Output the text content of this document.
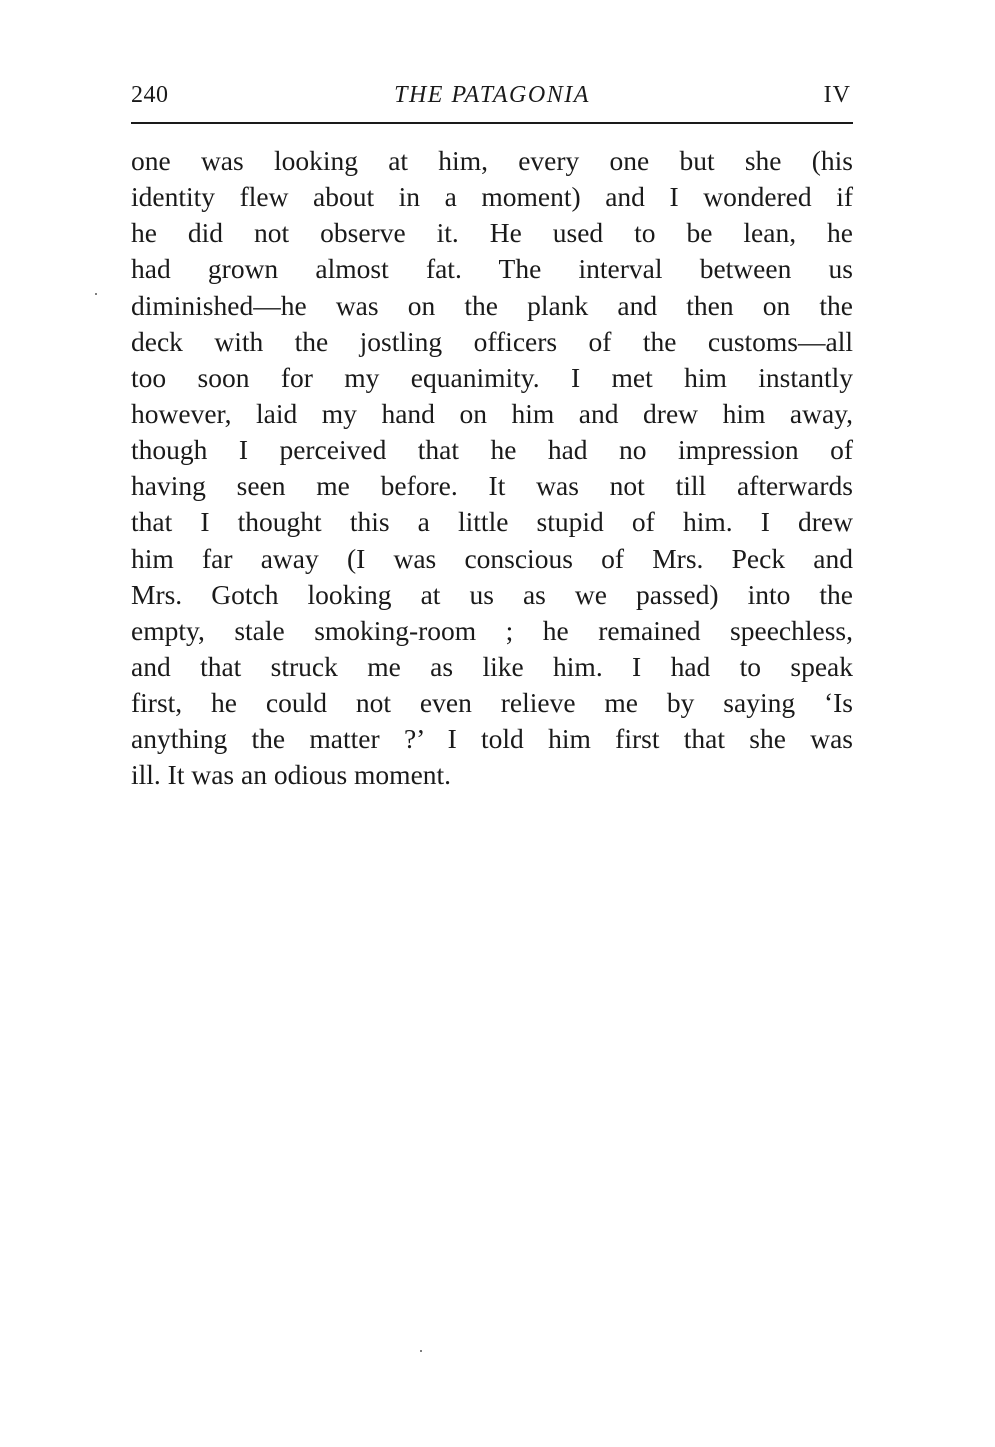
240	THE PATAGONIA	IV
one was looking at him, every one but she (his
identity flew about in a moment) and I wondered if
he did not observe it. He used to be lean, he
had grown almost fat. The interval between us
diminished—he was on the plank and then on the
deck with the jostling officers of the customs—all
too soon for my equanimity. I met him instantly
however, laid my hand on him and drew him away,
though I perceived that he had no impression of
having seen me before. It was not till afterwards
that I thought this a little stupid of him. I drew
him far away (I was conscious of Mrs. Peck and
Mrs. Gotch looking at us as we passed) into the
empty, stale smoking-room ; he remained speechless,
and that struck me as like him. I had to speak
first, he could not even relieve me by saying ‘Is
anything the matter ?’ I told him first that she was
ill. It was an odious moment.
